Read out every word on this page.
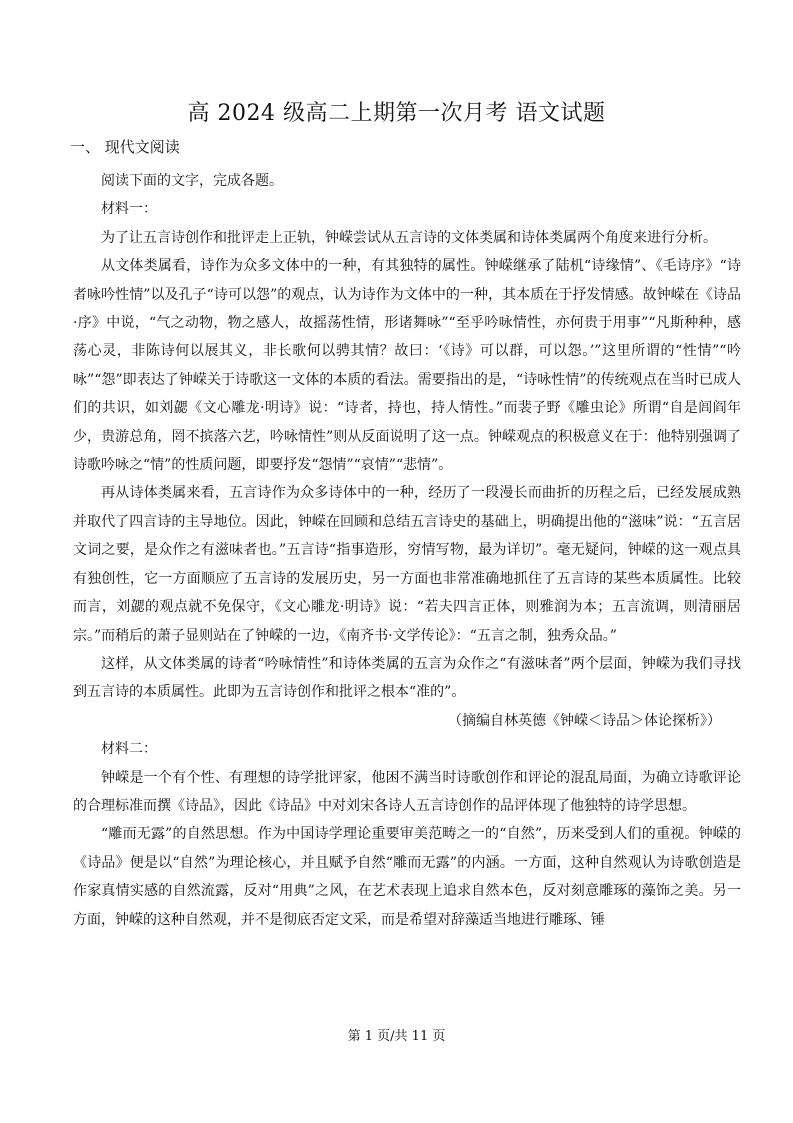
高 2024 级高二上期第一次月考 语文试题
一、 现代文阅读

阅读下面的文字，完成各题。

材料一：

为了让五言诗创作和批评走上正轨，钟嵘尝试从五言诗的文体类属和诗体类属两个角度来进行分析。

从文体类属看，诗作为众多文体中的一种，有其独特的属性。钟嵘继承了陆机“诗缘情”、《毛诗序》“诗者咏吟性情”以及孔子“诗可以怨”的观点，认为诗作为文体中的一种，其本质在于抒发情感。故钟嵘在《诗品·序》中说，“气之动物，物之感人，故摇荡性情，形诸舞咏”“至乎吟咏情性，亦何贵于用事”“凡斯种种，感荡心灵，非陈诗何以展其义，非长歌何以骋其情？故曰：‘《诗》可以群，可以怨。’”这里所谓的“性情”“吟咏”“怨”即表达了钟嵘关于诗歌这一文体的本质的看法。需要指出的是，“诗咏性情”的传统观点在当时已成人们的共识，如刘勰《文心雕龙·明诗》说：“诗者，持也，持人情性。”而裴子野《雕虫论》所谓“自是闾阎年少，贵游总角，罔不摈落六艺，吟咏情性”则从反面说明了这一点。钟嵘观点的积极意义在于：他特别强调了诗歌吟咏之“情”的性质问题，即要抒发“怨情”“哀情”“悲情”。

再从诗体类属来看，五言诗作为众多诗体中的一种，经历了一段漫长而曲折的历程之后，已经发展成熟并取代了四言诗的主导地位。因此，钟嵘在回顾和总结五言诗史的基础上，明确提出他的“滋味”说：“五言居文词之要，是众作之有滋味者也。”五言诗“指事造形，穷情写物，最为详切”。毫无疑问，钟嵘的这一观点具有独创性，它一方面顺应了五言诗的发展历史，另一方面也非常准确地抓住了五言诗的某些本质属性。比较而言，刘勰的观点就不免保守，《文心雕龙·明诗》说：“若夫四言正体，则雅润为本；五言流调，则清丽居宗。”而稍后的萧子显则站在了钟嵘的一边，《南齐书·文学传论》：“五言之制，独秀众品。”

这样，从文体类属的诗者“吟咏情性”和诗体类属的五言为众作之“有滋味者”两个层面，钟嵘为我们寻找到五言诗的本质属性。此即为五言诗创作和批评之根本“准的”。

（摘编自林英德《钟嵘＜诗品＞体论探析》）

材料二：

钟嵘是一个有个性、有理想的诗学批评家，他困不满当时诗歌创作和评论的混乱局面，为确立诗歌评论的合理标准而撰《诗品》，因此《诗品》中对刘宋各诗人五言诗创作的品评体现了他独特的诗学思想。

“雕而无露”的自然思想。作为中国诗学理论重要审美范畴之一的“自然”，历来受到人们的重视。钟嵘的《诗品》便是以“自然”为理论核心，并且赋予自然“雕而无露”的内涵。一方面，这种自然观认为诗歌创造是作家真情实感的自然流露，反对“用典”之风，在艺术表现上追求自然本色，反对刻意雕琢的藻饰之美。另一方面，钟嵘的这种自然观，并不是彻底否定文采，而是希望对辞藻适当地进行雕琢、锤

第 1 页/共 11 页
